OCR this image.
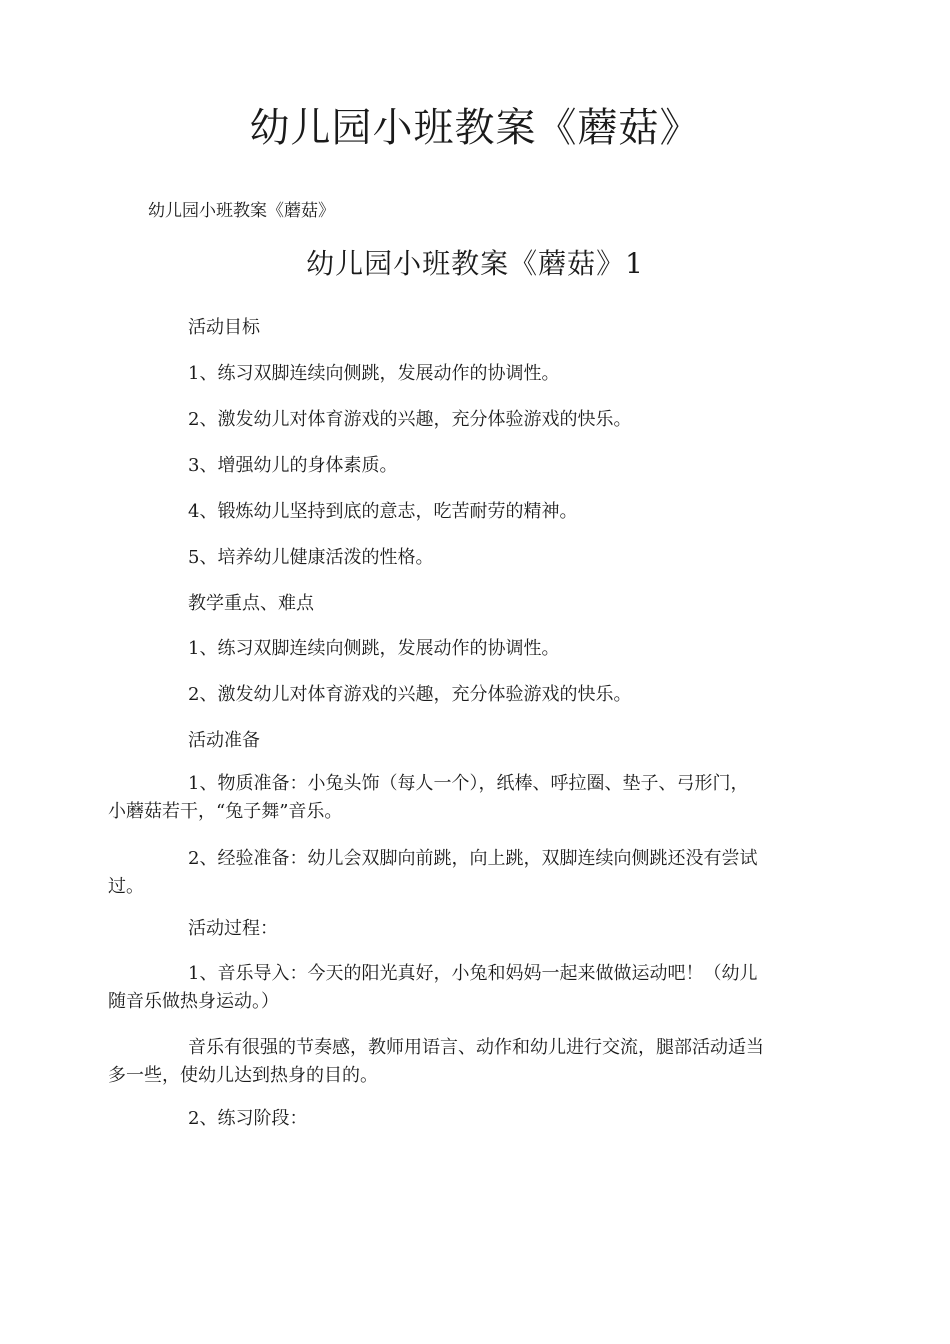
幼儿园小班教案《蘑菇》

幼儿园小班教案《蘑菇》

幼儿园小班教案《蘑菇》1

活动目标

1、练习双脚连续向侧跳，发展动作的协调性。

2、激发幼儿对体育游戏的兴趣，充分体验游戏的快乐。

3、增强幼儿的身体素质。

4、锻炼幼儿坚持到底的意志，吃苦耐劳的精神。

5、培养幼儿健康活泼的性格。

教学重点、难点

1、练习双脚连续向侧跳，发展动作的协调性。

2、激发幼儿对体育游戏的兴趣，充分体验游戏的快乐。

活动准备

1、物质准备：小兔头饰（每人一个），纸棒、呼拉圈、垫子、弓形门，
小蘑菇若干，“兔子舞”音乐。
2、经验准备：幼儿会双脚向前跳，向上跳，双脚连续向侧跳还没有尝试
过。

活动过程：

1、音乐导入：今天的阳光真好，小兔和妈妈一起来做做运动吧！（幼儿
随音乐做热身运动。）
音乐有很强的节奏感，教师用语言、动作和幼儿进行交流，腿部活动适当
多一些，使幼儿达到热身的目的。

2、练习阶段：
